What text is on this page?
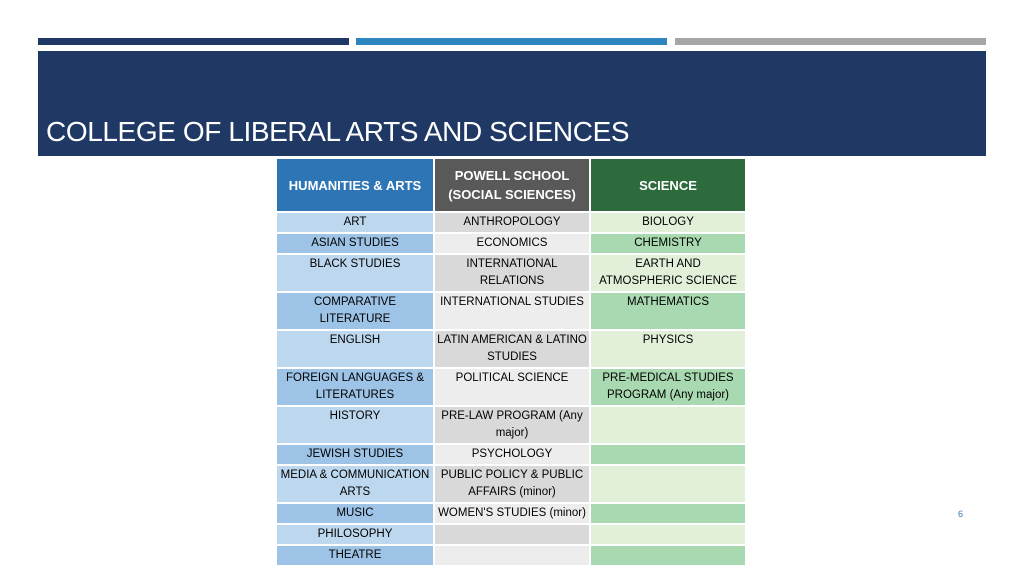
COLLEGE OF LIBERAL ARTS AND SCIENCES
HUMANITIES & ARTS	POWELL SCHOOL (SOCIAL SCIENCES)	SCIENCE
ART	ANTHROPOLOGY	BIOLOGY
ASIAN STUDIES	ECONOMICS	CHEMISTRY
BLACK STUDIES	INTERNATIONAL RELATIONS	EARTH AND ATMOSPHERIC SCIENCE
COMPARATIVE LITERATURE	INTERNATIONAL STUDIES	MATHEMATICS
ENGLISH	LATIN AMERICAN & LATINO STUDIES	PHYSICS
FOREIGN LANGUAGES & LITERATURES	POLITICAL SCIENCE	PRE-MEDICAL STUDIES PROGRAM (Any major)
HISTORY	PRE-LAW PROGRAM (Any major)	
JEWISH STUDIES	PSYCHOLOGY	
MEDIA & COMMUNICATION ARTS	PUBLIC POLICY & PUBLIC AFFAIRS (minor)	
MUSIC	WOMEN'S STUDIES (minor)	
PHILOSOPHY		
THEATRE		
6
